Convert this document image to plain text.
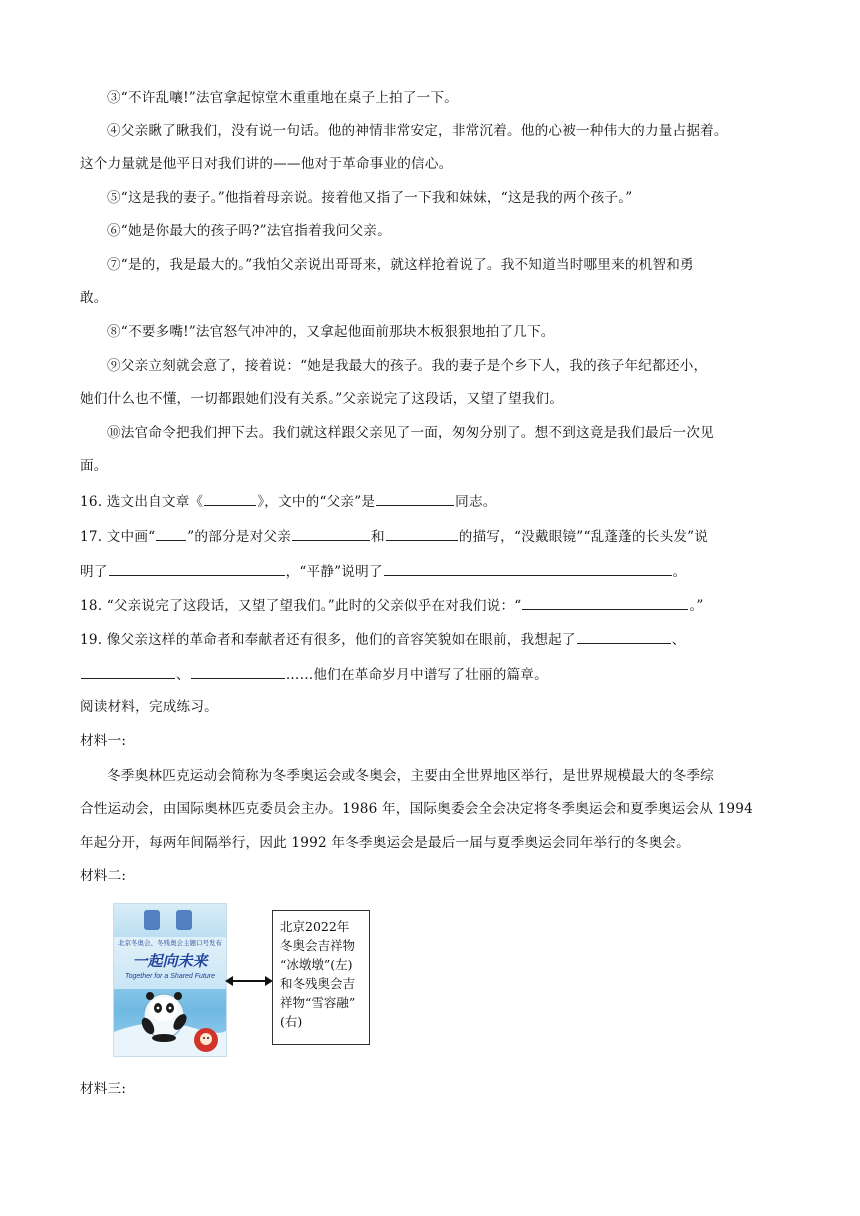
③“不许乱嚷!”法官拿起惊堂木重重地在桌子上拍了一下。
④父亲瞅了瞅我们，没有说一句话。他的神情非常安定，非常沉着。他的心被一种伟大的力量占据着。
这个力量就是他平日对我们讲的——他对于革命事业的信心。
⑤“这是我的妻子。”他指着母亲说。接着他又指了一下我和妹妹，“这是我的两个孩子。”
⑥“她是你最大的孩子吗?”法官指着我问父亲。
⑦“是的，我是最大的。”我怕父亲说出哥哥来，就这样抢着说了。我不知道当时哪里来的机智和勇
敢。
⑧“不要多嘴!”法官怒气冲冲的，又拿起他面前那块木板狠狠地拍了几下。
⑨父亲立刻就会意了，接着说：“她是我最大的孩子。我的妻子是个乡下人，我的孩子年纪都还小，
她们什么也不懂，一切都跟她们没有关系。”父亲说完了这段话，又望了望我们。
⑩法官命令把我们押下去。我们就这样跟父亲见了一面，匆匆分别了。想不到这竟是我们最后一次见
面。
16. 选文出自文章《	》，文中的“父亲”是	同志。
17. 文中画“ ”的部分是对父亲	和	的描写，“没戴眼镜”“乱蓬蓬的长头发”说
明了	，“平静”说明了	。
18. “父亲说完了这段话，又望了望我们。”此时的父亲似乎在对我们说：“	。”
19. 像父亲这样的革命者和奉献者还有很多，他们的音容笑貌如在眼前，我想起了	、
、	……他们在革命岁月中谱写了壮丽的篇章。
阅读材料，完成练习。
材料一:
冬季奥林匹克运动会简称为冬季奥运会或冬奥会，主要由全世界地区举行，是世界规模最大的冬季综
合性运动会，由国际奥林匹克委员会主办。1986 年，国际奥委会全会决定将冬季奥运会和夏季奥运会从 1994
年起分开，每两年间隔举行，因此 1992 年冬季奥运会是最后一届与夏季奥运会同年举行的冬奥会。
材料二:
北京冬奥会、冬残奥会主题口号发布
一起向未来
Together for a Shared Future
北京2022年
冬奥会吉祥物
“冰墩墩”(左)
和冬残奥会吉
祥物“雪容融”
(右)
材料三:
